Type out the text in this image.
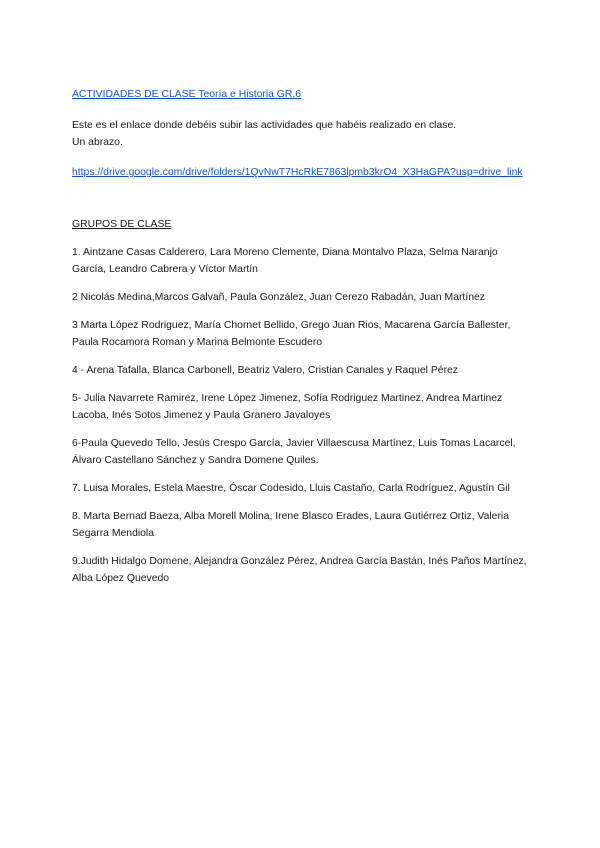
ACTIVIDADES DE CLASE Teoría e Historia GR.6

Este es el enlace donde debéis subir las actividades que habéis realizado en clase.

Un abrazo.

https://drive.google.com/drive/folders/1QvNwT7HcRkE7863lpmb3krO4_X3HaGPA?usp=drive_link
GRUPOS DE CLASE

1. Aintzane Casas Calderero, Lara Moreno Clemente, Diana Montalvo Plaza, Selma Naranjo García, Leandro Cabrera y Víctor Martín

2 Nicolás Medina,Marcos Galvañ, Paula González, Juan Cerezo Rabadán, Juan Martínez

3 Marta López Rodriguez, María Chornet Bellido, Grego Juan Rios, Macarena García Ballester, Paula Rocamora Roman y Marina Belmonte Escudero

4 - Arena Tafalla, Blanca Carbonell, Beatriz Valero, Cristian Canales y Raquel Pérez

5- Julia Navarrete Ramirez, Irene López Jimenez, Sofía Rodriguez Martinez, Andrea Martinez Lacoba, Inés Sotos Jimenez y Paula Granero Javaloyes

6-Paula Quevedo Tello, Jesús Crespo García, Javier Villaescusa Martínez, Luis Tomas Lacarcel, Álvaro Castellano Sánchez y Sandra Domene Quiles.

7. Luisa Morales, Estela Maestre, Óscar Codesido, Lluis Castaño, Carla Rodríguez, Agustín Gil

8. Marta Bernad Baeza, Alba Morell Molina, Irene Blasco Erades, Laura Gutiérrez Ortiz, Valeria Segarra Mendiola

9.Judith Hidalgo Domene, Alejandra González Pérez, Andrea García Bastán, Inés Paños Martínez, Alba López Quevedo
